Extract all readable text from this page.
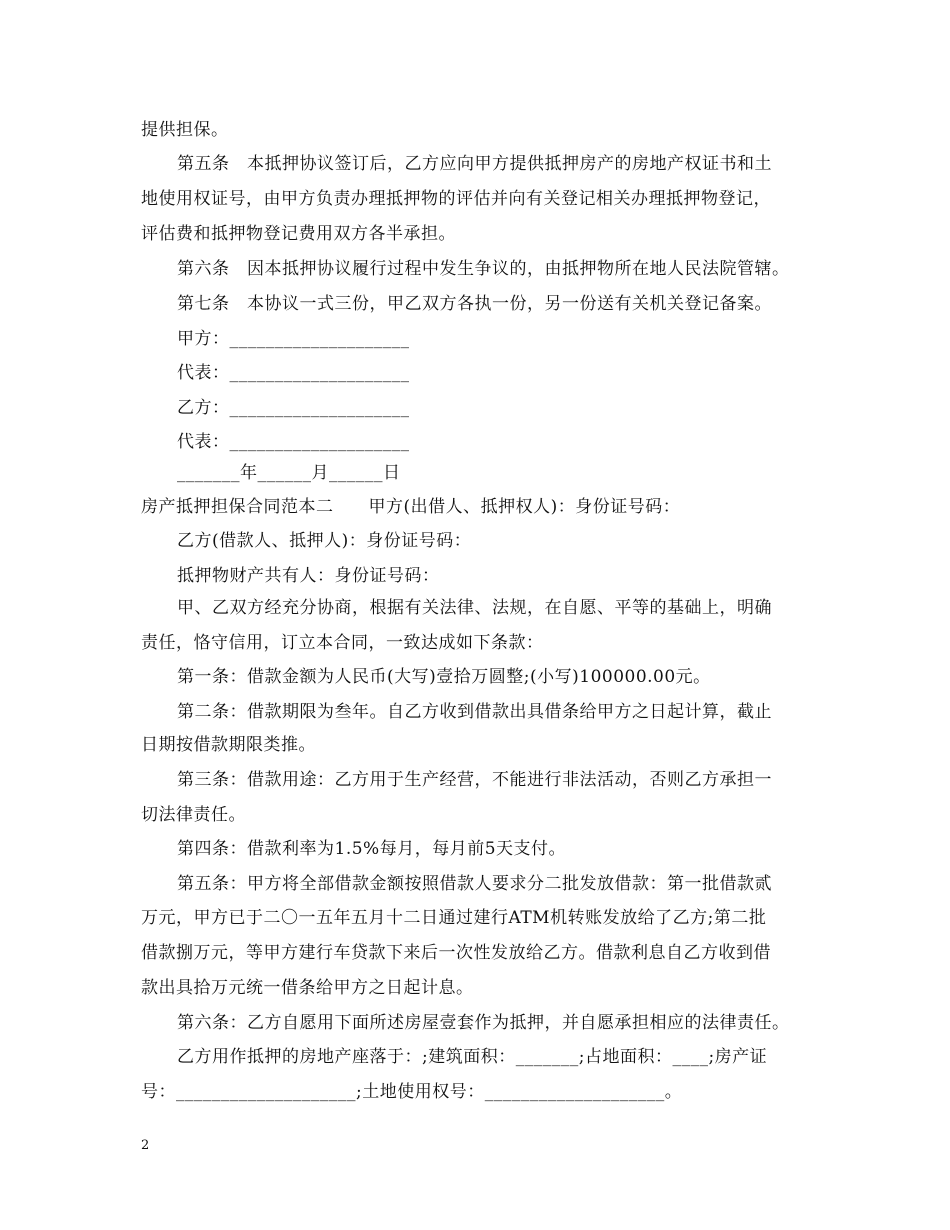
提供担保。
第五条　本抵押协议签订后，乙方应向甲方提供抵押房产的房地产权证书和土
地使用权证号，由甲方负责办理抵押物的评估并向有关登记相关办理抵押物登记，
评估费和抵押物登记费用双方各半承担。
第六条　因本抵押协议履行过程中发生争议的，由抵押物所在地人民法院管辖。
第七条　本协议一式三份，甲乙双方各执一份，另一份送有关机关登记备案。
甲方：____________________
代表：____________________
乙方：____________________
代表：____________________
_______年______月______日
房产抵押担保合同范本二　　甲方(出借人、抵押权人)：身份证号码：
乙方(借款人、抵押人)：身份证号码：
抵押物财产共有人：身份证号码：
甲、乙双方经充分协商，根据有关法律、法规，在自愿、平等的基础上，明确
责任，恪守信用，订立本合同，一致达成如下条款：
第一条：借款金额为人民币(大写)壹拾万圆整;(小写)100000.00元。
第二条：借款期限为叁年。自乙方收到借款出具借条给甲方之日起计算，截止
日期按借款期限类推。
第三条：借款用途：乙方用于生产经营，不能进行非法活动，否则乙方承担一
切法律责任。
第四条：借款利率为1.5%每月，每月前5天支付。
第五条：甲方将全部借款金额按照借款人要求分二批发放借款：第一批借款贰
万元，甲方已于二〇一五年五月十二日通过建行ATM机转账发放给了乙方;第二批
借款捌万元，等甲方建行车贷款下来后一次性发放给乙方。借款利息自乙方收到借
款出具拾万元统一借条给甲方之日起计息。
第六条：乙方自愿用下面所述房屋壹套作为抵押，并自愿承担相应的法律责任。
乙方用作抵押的房地产座落于：;建筑面积：_______;占地面积：____;房产证
号：____________________;土地使用权号：____________________。
2
